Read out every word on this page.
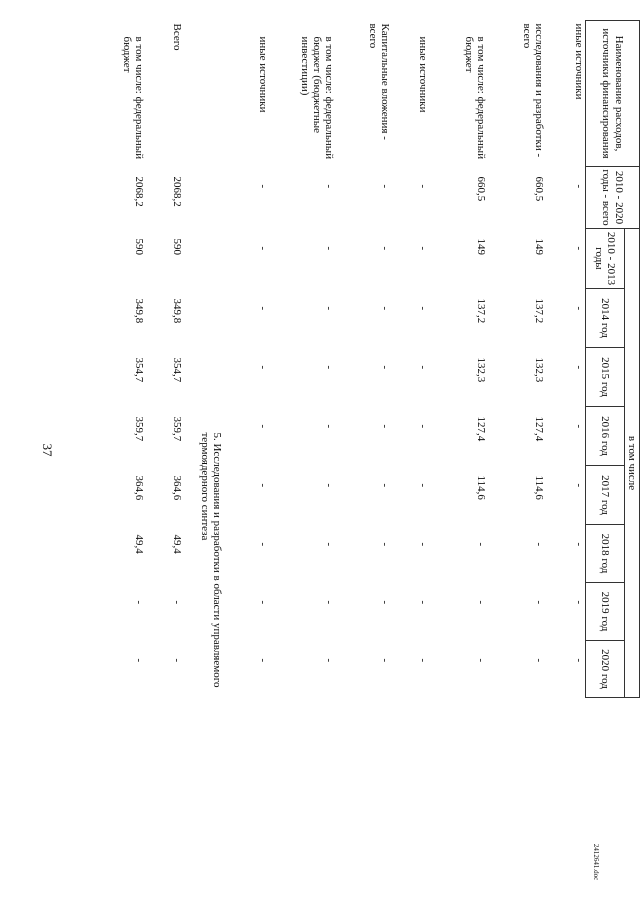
37
2412641.doc
Наименование расходов, источники финансирования	2010 - 2020 годы - всего	в том числе							
		2010 - 2013 годы	2014 год	2015 год	2016 год	2017 год	2018 год	2019 год	2020 год
иные источники	-	-	-	-	-	-	-	-	-
исследования и разработки - всего	660,5	149	137,2	132,3	127,4	114,6	-	-	-
в том числе: федеральный бюджет	660,5	149	137,2	132,3	127,4	114,6	-	-	-
иные источники	-	-	-	-	-	-	-	-	-
Капитальные вложения - всего	-	-	-	-	-	-	-	-	-
в том числе: федеральный бюджет (бюджетные инвестиции)	-	-	-	-	-	-	-	-	-
иные источники	-	-	-	-	-	-	-	-	-
5. Исследования и разработки в области управляемого термоядерного синтеза									
Всего	2068,2	590	349,8	354,7	359,7	364,6	49,4	-	-
в том числе: федеральный бюджет	2068,2	590	349,8	354,7	359,7	364,6	49,4	-	-
